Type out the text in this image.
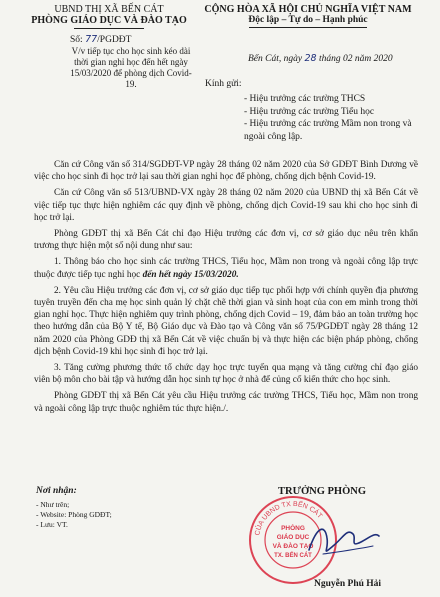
UBND THỊ XÃ BẾN CÁT
PHÒNG GIÁO DỤC VÀ ĐÀO TẠO
CỘNG HÒA XÃ HỘI CHỦ NGHĨA VIỆT NAM
Độc lập – Tự do – Hạnh phúc
Số: 77/PGDĐT
V/v tiếp tục cho học sinh kéo dài thời gian nghỉ học đến hết ngày 15/03/2020 để phòng dịch Covid-19.
Bến Cát, ngày 28 tháng 02 năm 2020
Kính gửi:
- Hiệu trưởng các trường THCS
- Hiệu trưởng các trường Tiểu học
- Hiệu trưởng các trường Mầm non trong và ngoài công lập.

Căn cứ Công văn số 314/SGDĐT-VP ngày 28 tháng 02 năm 2020 của Sở GDĐT Bình Dương về việc cho học sinh đi học trở lại sau thời gian nghỉ học để phòng, chống dịch bệnh Covid-19.

Căn cứ Công văn số 513/UBND-VX ngày 28 tháng 02 năm 2020 của UBND thị xã Bến Cát về việc tiếp tục thực hiện nghiêm các quy định về phòng, chống dịch Covid-19 sau khi cho học sinh đi học trở lại.

Phòng GDĐT thị xã Bến Cát chỉ đạo Hiệu trưởng các đơn vị, cơ sở giáo dục nêu trên khẩn trương thực hiện một số nội dung như sau:

1. Thông báo cho học sinh các trường THCS, Tiểu học, Mầm non trong và ngoài công lập trực thuộc được tiếp tục nghỉ học đến hết ngày 15/03/2020.

2. Yêu cầu Hiệu trưởng các đơn vị, cơ sở giáo dục tiếp tục phối hợp với chính quyền địa phương tuyên truyền đến cha mẹ học sinh quản lý chặt chẽ thời gian và sinh hoạt của con em mình trong thời gian nghỉ học. Thực hiện nghiêm quy trình phòng, chống dịch Covid – 19, đảm bảo an toàn trường học theo hướng dẫn của Bộ Y tế, Bộ Giáo dục và Đào tạo và Công văn số 75/PGDĐT ngày 28 tháng 12 năm 2020 của Phòng GDĐ thị xã Bến Cát về việc chuẩn bị và thực hiện các biện pháp phòng, chống dịch bệnh Covid-19 khi học sinh đi học trở lại.

3. Tăng cường phương thức tổ chức dạy học trực tuyến qua mạng và tăng cường chỉ đạo giáo viên bộ môn cho bài tập và hướng dẫn học sinh tự học ở nhà để củng cố kiến thức cho học sinh.

Phòng GDĐT thị xã Bến Cát yêu cầu Hiệu trưởng các trường THCS, Tiểu học, Mầm non trong và ngoài công lập trực thuộc nghiêm túc thực hiện./.

Nơi nhận:
- Như trên;
- Website: Phòng GDĐT;
- Lưu: VT.
TRƯỞNG PHÒNG
CỦA UBND TX BẾN CÁT
PHÒNG
GIÁO DỤC
VÀ ĐÀO TẠO
TX. BẾN CÁT
Nguyễn Phú Hải
